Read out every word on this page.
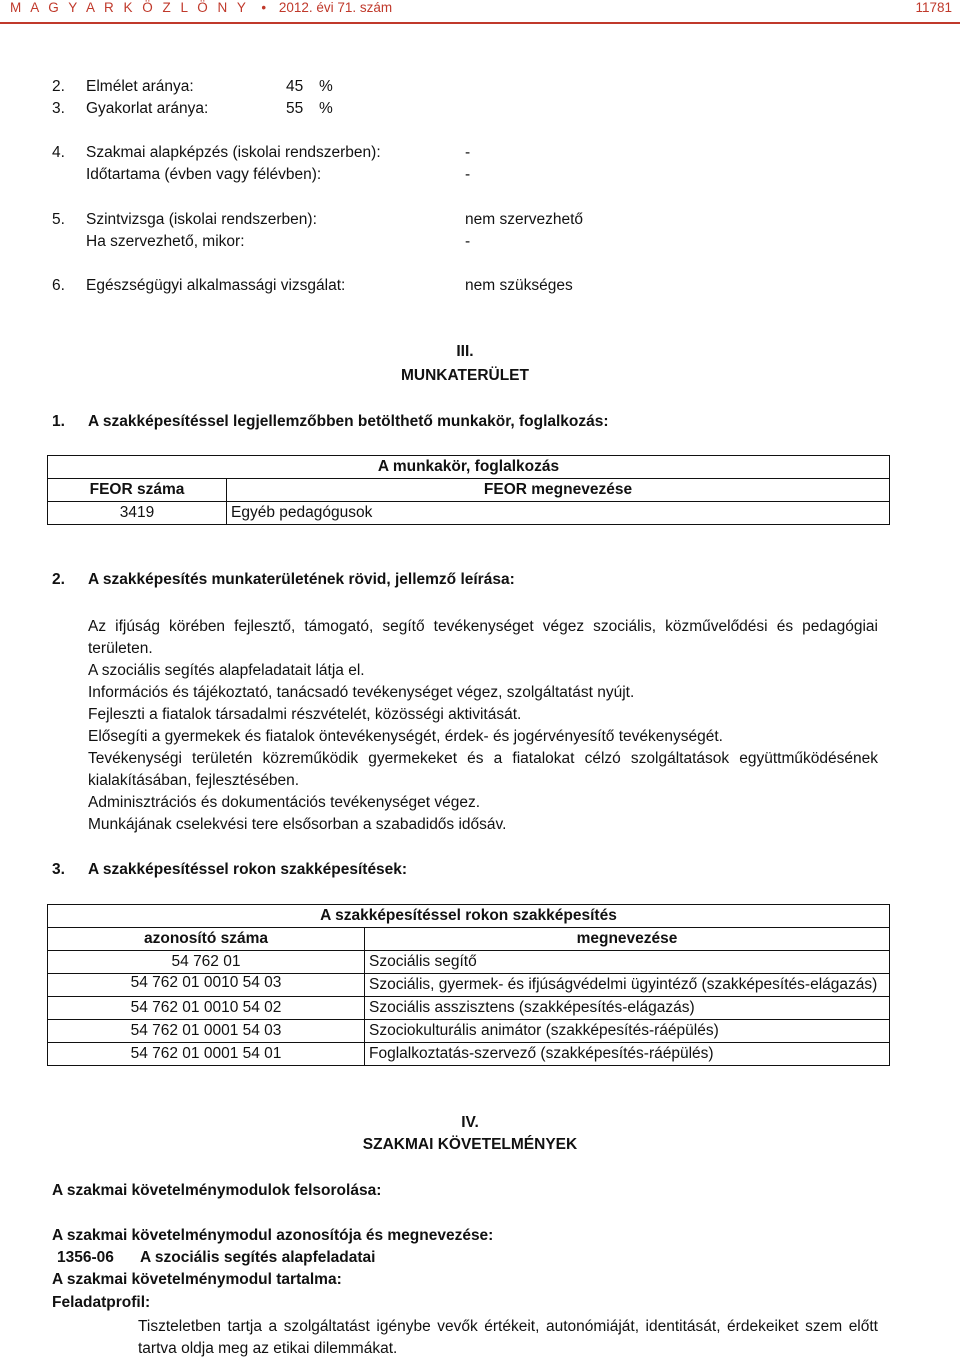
M A G Y A R K Ö Z L Ö N Y • 2012. évi 71. szám	11781
2. Elmélet aránya:	45 %
3. Gyakorlat aránya:	55 %
4. Szakmai alapképzés (iskolai rendszerben):	-
Időtartama (évben vagy félévben):	-
5. Szintvizsga (iskolai rendszerben):	nem szervezhető
Ha szervezhető, mikor:	-
6. Egészségügyi alkalmassági vizsgálat:	nem szükséges
III.
MUNKATERÜLET
1. A szakképesítéssel legjellemzőbben betölthető munkakör, foglalkozás:
A munkakör, foglalkozás	
FEOR száma	FEOR megnevezése
3419	Egyéb pedagógusok
2. A szakképesítés munkaterületének rövid, jellemző leírása:
Az ifjúság körében fejlesztő, támogató, segítő tevékenységet végez szociális, közművelődési és pedagógiai területen.
A szociális segítés alapfeladatait látja el.
Információs és tájékoztató, tanácsadó tevékenységet végez, szolgáltatást nyújt.
Fejleszti a fiatalok társadalmi részvételét, közösségi aktivitását.
Elősegíti a gyermekek és fiatalok öntevékenységét, érdek- és jogérvényesítő tevékenységét.
Tevékenységi területén közreműködik gyermekeket és a fiatalokat célzó szolgáltatások együttműködésének kialakításában, fejlesztésében.
Adminisztrációs és dokumentációs tevékenységet végez.
Munkájának cselekvési tere elsősorban a szabadidős idősáv.
3. A szakképesítéssel rokon szakképesítések:
A szakképesítéssel rokon szakképesítés	
azonosító száma	megnevezése
54 762 01	Szociális segítő
54 762 01 0010 54 03	Szociális, gyermek- és ifjúságvédelmi ügyintéző (szakképesítés-elágazás)
54 762 01 0010 54 02	Szociális asszisztens (szakképesítés-elágazás)
54 762 01 0001 54 03	Szociokulturális animátor (szakképesítés-ráépülés)
54 762 01 0001 54 01	Foglalkoztatás-szervező (szakképesítés-ráépülés)
IV.
SZAKMAI KÖVETELMÉNYEK
A szakmai követelménymodulok felsorolása:
A szakmai követelménymodul azonosítója és megnevezése:
1356-06 A szociális segítés alapfeladatai
A szakmai követelménymodul tartalma:
Feladatprofil:
Tiszteletben tartja a szolgáltatást igénybe vevők értékeit, autonómiáját, identitását, érdekeiket szem előtt tartva oldja meg az etikai dilemmákat.
